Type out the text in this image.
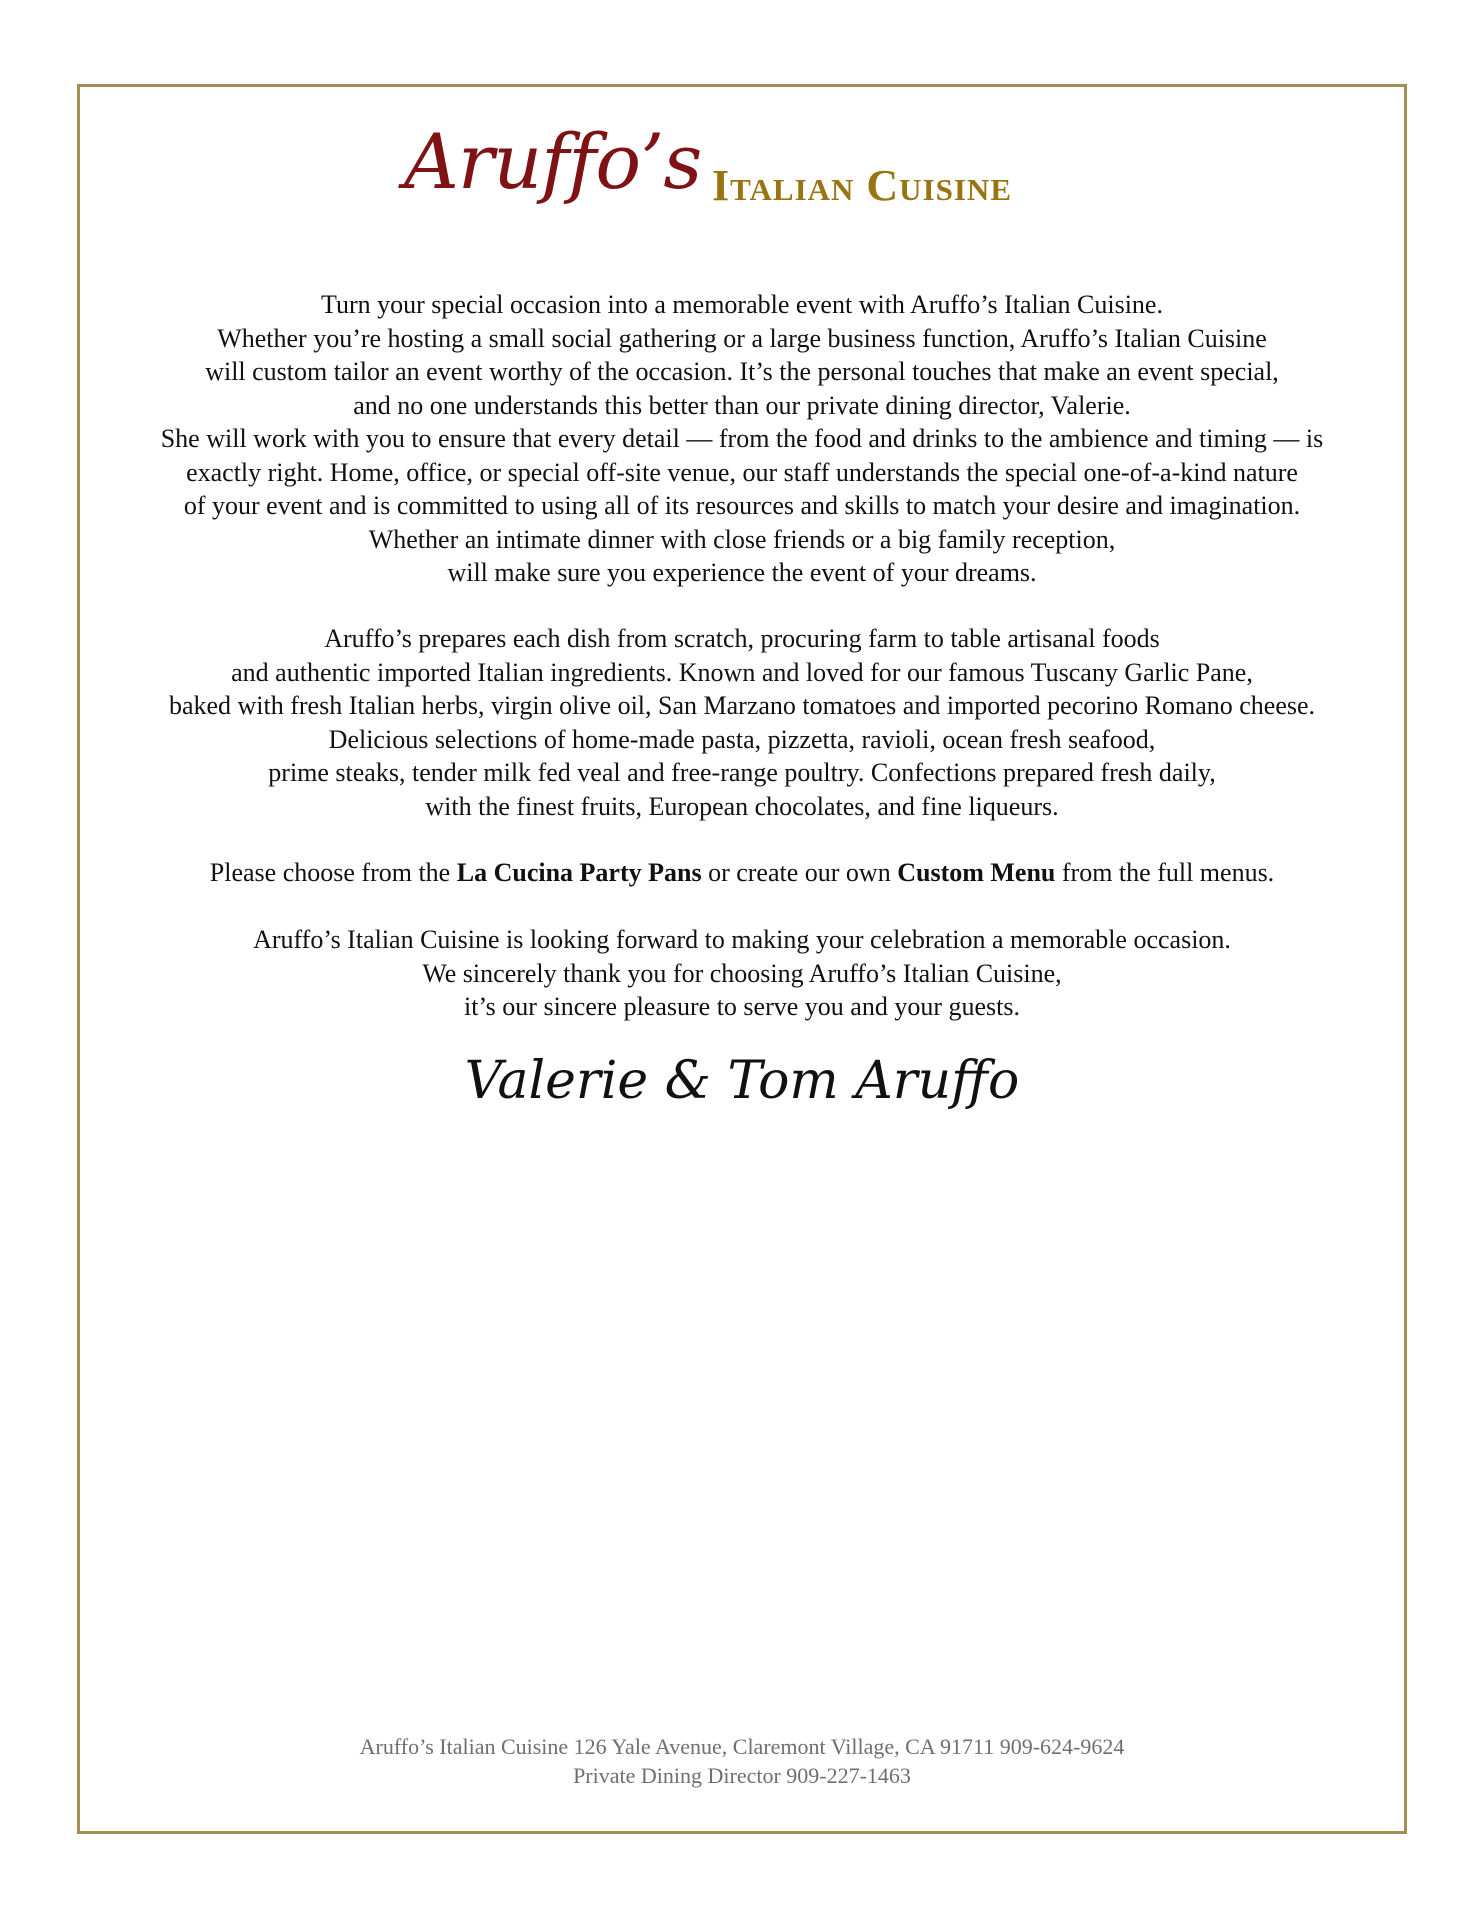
Aruffo’s Italian Cuisine
Turn your special occasion into a memorable event with Aruffo’s Italian Cuisine.
Whether you’re hosting a small social gathering or a large business function, Aruffo’s Italian Cuisine
will custom tailor an event worthy of the occasion. It’s the personal touches that make an event special,
and no one understands this better than our private dining director, Valerie.
She will work with you to ensure that every detail — from the food and drinks to the ambience and timing — is
exactly right. Home, office, or special off-site venue, our staff understands the special one-of-a-kind nature
of your event and is committed to using all of its resources and skills to match your desire and imagination.
Whether an intimate dinner with close friends or a big family reception,
will make sure you experience the event of your dreams.
Aruffo’s prepares each dish from scratch, procuring farm to table artisanal foods
and authentic imported Italian ingredients. Known and loved for our famous Tuscany Garlic Pane,
baked with fresh Italian herbs, virgin olive oil, San Marzano tomatoes and imported pecorino Romano cheese.
Delicious selections of home-made pasta, pizzetta, ravioli, ocean fresh seafood,
prime steaks, tender milk fed veal and free-range poultry. Confections prepared fresh daily,
with the finest fruits, European chocolates, and fine liqueurs.
Please choose from the La Cucina Party Pans or create our own Custom Menu from the full menus.
Aruffo’s Italian Cuisine is looking forward to making your celebration a memorable occasion.
We sincerely thank you for choosing Aruffo’s Italian Cuisine,
it’s our sincere pleasure to serve you and your guests.
Valerie & Tom Aruffo
Aruffo’s Italian Cuisine 126 Yale Avenue, Claremont Village, CA 91711 909-624-9624
Private Dining Director 909-227-1463
